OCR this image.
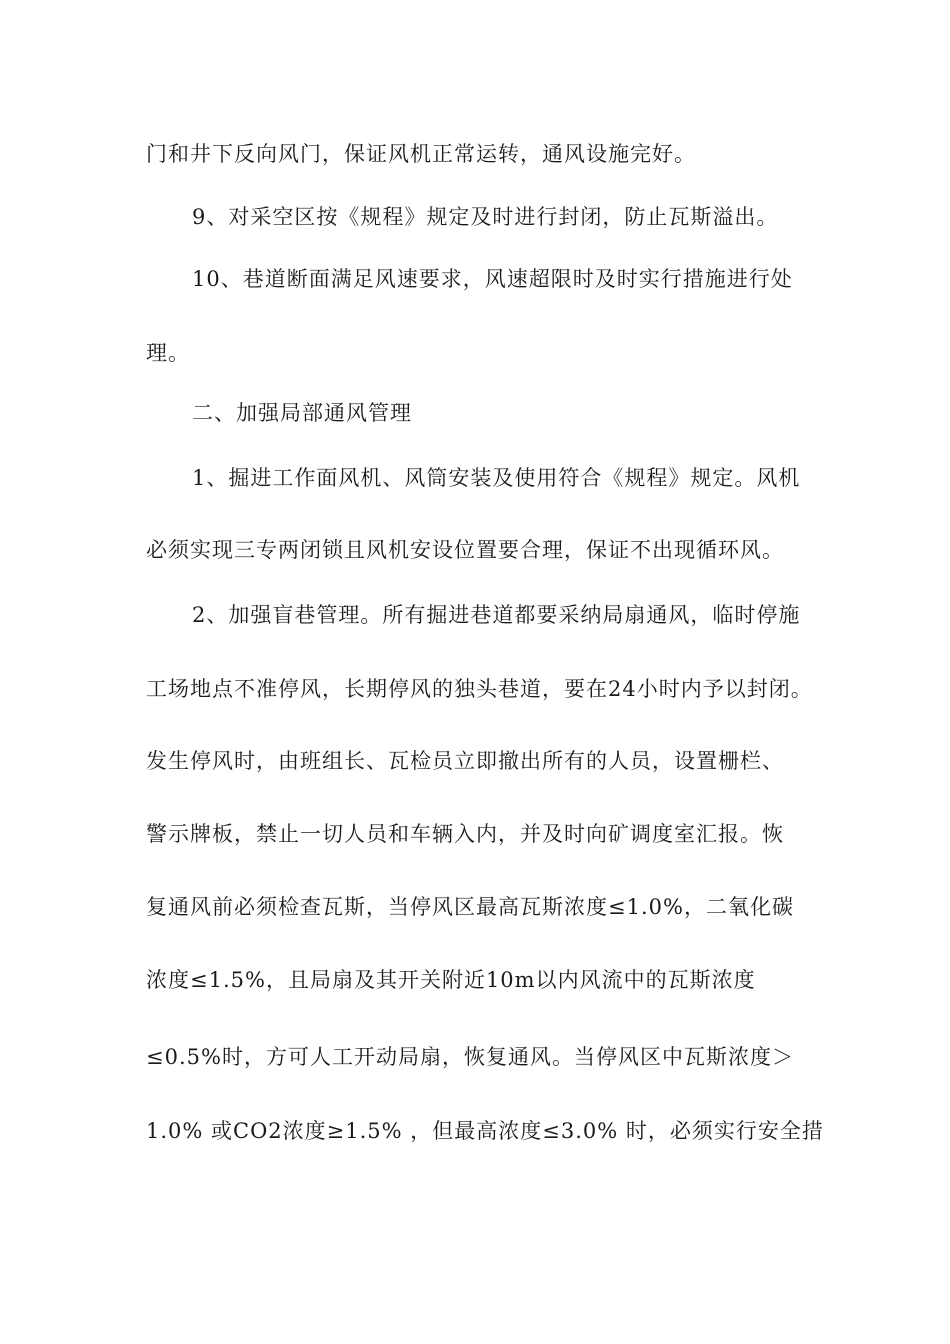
门和井下反向风门，保证风机正常运转，通风设施完好。
9、对采空区按《规程》规定及时进行封闭，防止瓦斯溢出。
10、巷道断面满足风速要求，风速超限时及时实行措施进行处
理。
二、加强局部通风管理
1、掘进工作面风机、风筒安装及使用符合《规程》规定。风机
必须实现三专两闭锁且风机安设位置要合理，保证不出现循环风。
2、加强盲巷管理。所有掘进巷道都要采纳局扇通风，临时停施
工场地点不准停风，长期停风的独头巷道，要在24小时内予以封闭。
发生停风时，由班组长、瓦检员立即撤出所有的人员，设置栅栏、
警示牌板，禁止一切人员和车辆入内，并及时向矿调度室汇报。恢
复通风前必须检查瓦斯，当停风区最高瓦斯浓度≤1.0%，二氧化碳
浓度≤1.5%，且局扇及其开关附近10m以内风流中的瓦斯浓度
≤0.5%时，方可人工开动局扇，恢复通风。当停风区中瓦斯浓度＞
1.0% 或CO2浓度≥1.5% ，但最高浓度≤3.0% 时，必须实行安全措
